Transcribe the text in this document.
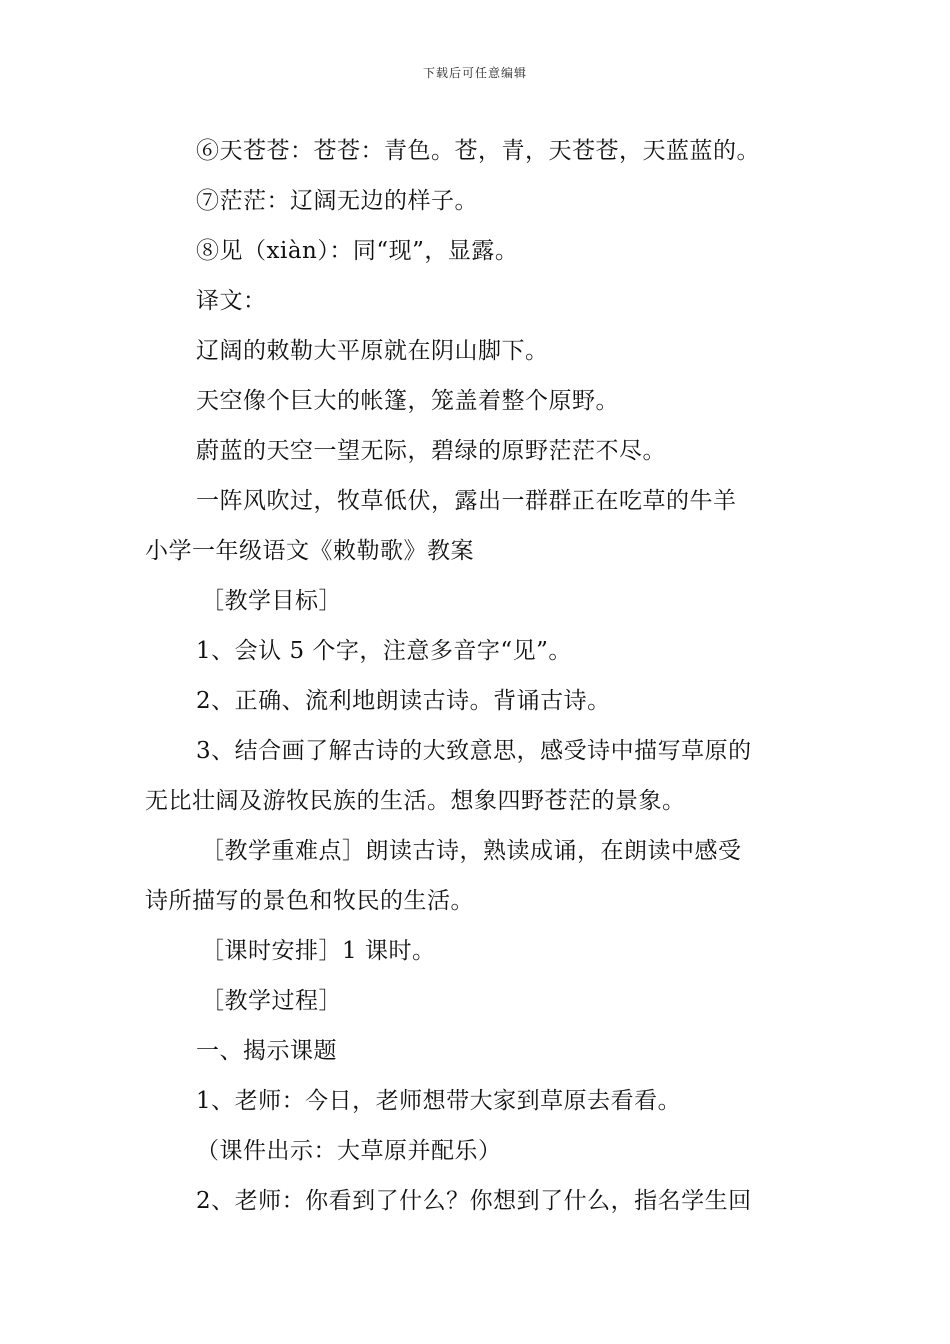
下载后可任意编辑
⑥天苍苍：苍苍：青色。苍，青，天苍苍，天蓝蓝的。
⑦茫茫：辽阔无边的样子。
⑧见（xiàn）：同“现”，显露。
译文：
辽阔的敕勒大平原就在阴山脚下。
天空像个巨大的帐篷，笼盖着整个原野。
蔚蓝的天空一望无际，碧绿的原野茫茫不尽。
一阵风吹过，牧草低伏，露出一群群正在吃草的牛羊
小学一年级语文《敕勒歌》教案
［教学目标］
1、会认 5 个字，注意多音字“见”。
2、正确、流利地朗读古诗。背诵古诗。
3、结合画了解古诗的大致意思，感受诗中描写草原的
无比壮阔及游牧民族的生活。想象四野苍茫的景象。
［教学重难点］朗读古诗，熟读成诵，在朗读中感受
诗所描写的景色和牧民的生活。
［课时安排］1 课时。
［教学过程］
一、揭示课题
1、老师：今日，老师想带大家到草原去看看。
（课件出示：大草原并配乐）
2、老师：你看到了什么？你想到了什么，指名学生回
